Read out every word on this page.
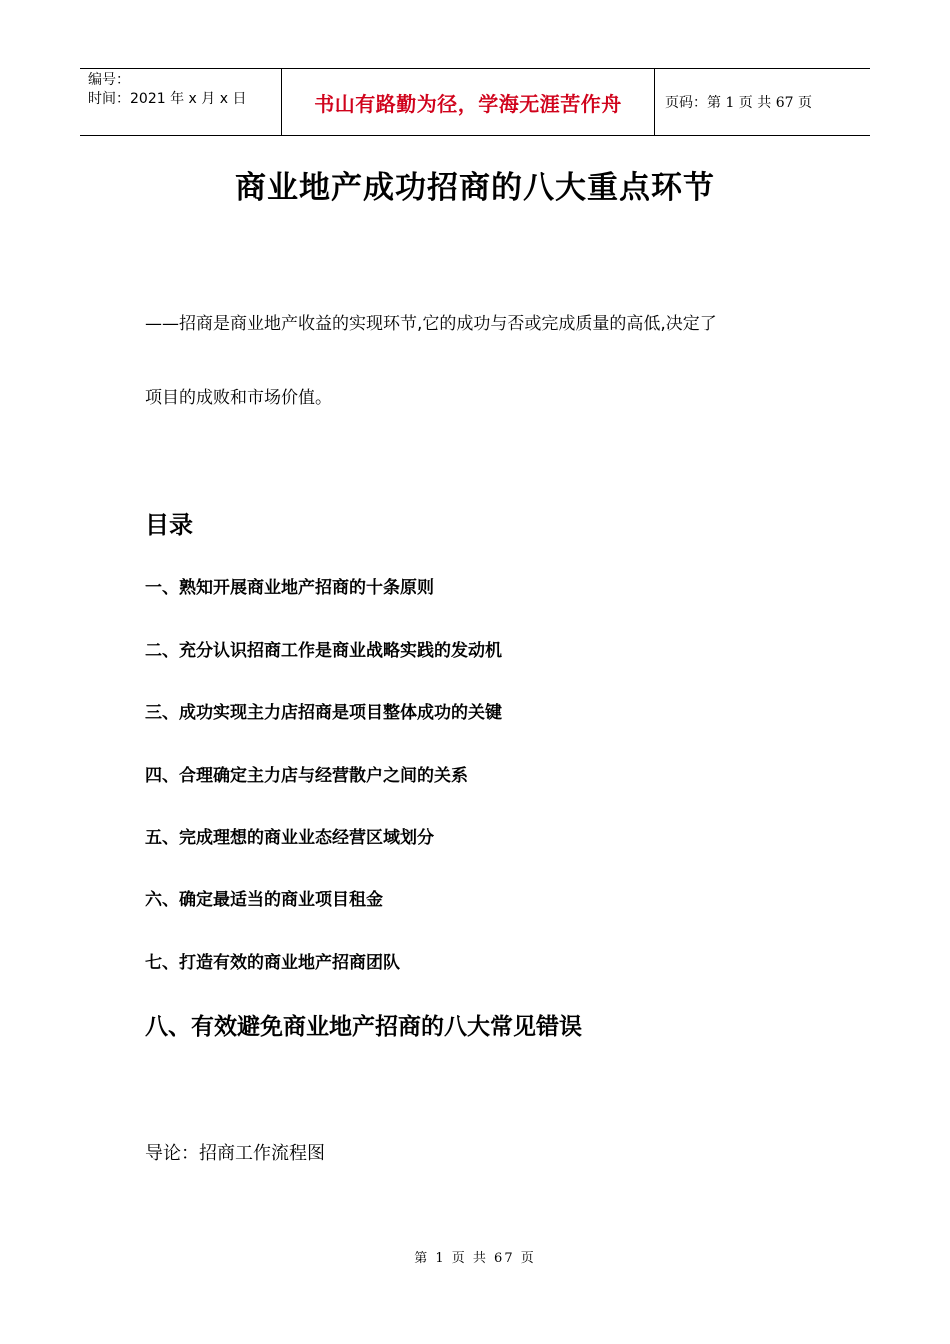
编号：
时间：2021 年 x 月 x 日	书山有路勤为径，学海无涯苦作舟	页码：第 1 页 共 67 页
商业地产成功招商的八大重点环节
——招商是商业地产收益的实现环节,它的成功与否或完成质量的高低,决定了
项目的成败和市场价值。
目录
一、熟知开展商业地产招商的十条原则
二、充分认识招商工作是商业战略实践的发动机
三、成功实现主力店招商是项目整体成功的关键
四、合理确定主力店与经营散户之间的关系
五、完成理想的商业业态经营区域划分
六、确定最适当的商业项目租金
七、打造有效的商业地产招商团队
八、有效避免商业地产招商的八大常见错误
导论：招商工作流程图
第 1 页 共 67 页
